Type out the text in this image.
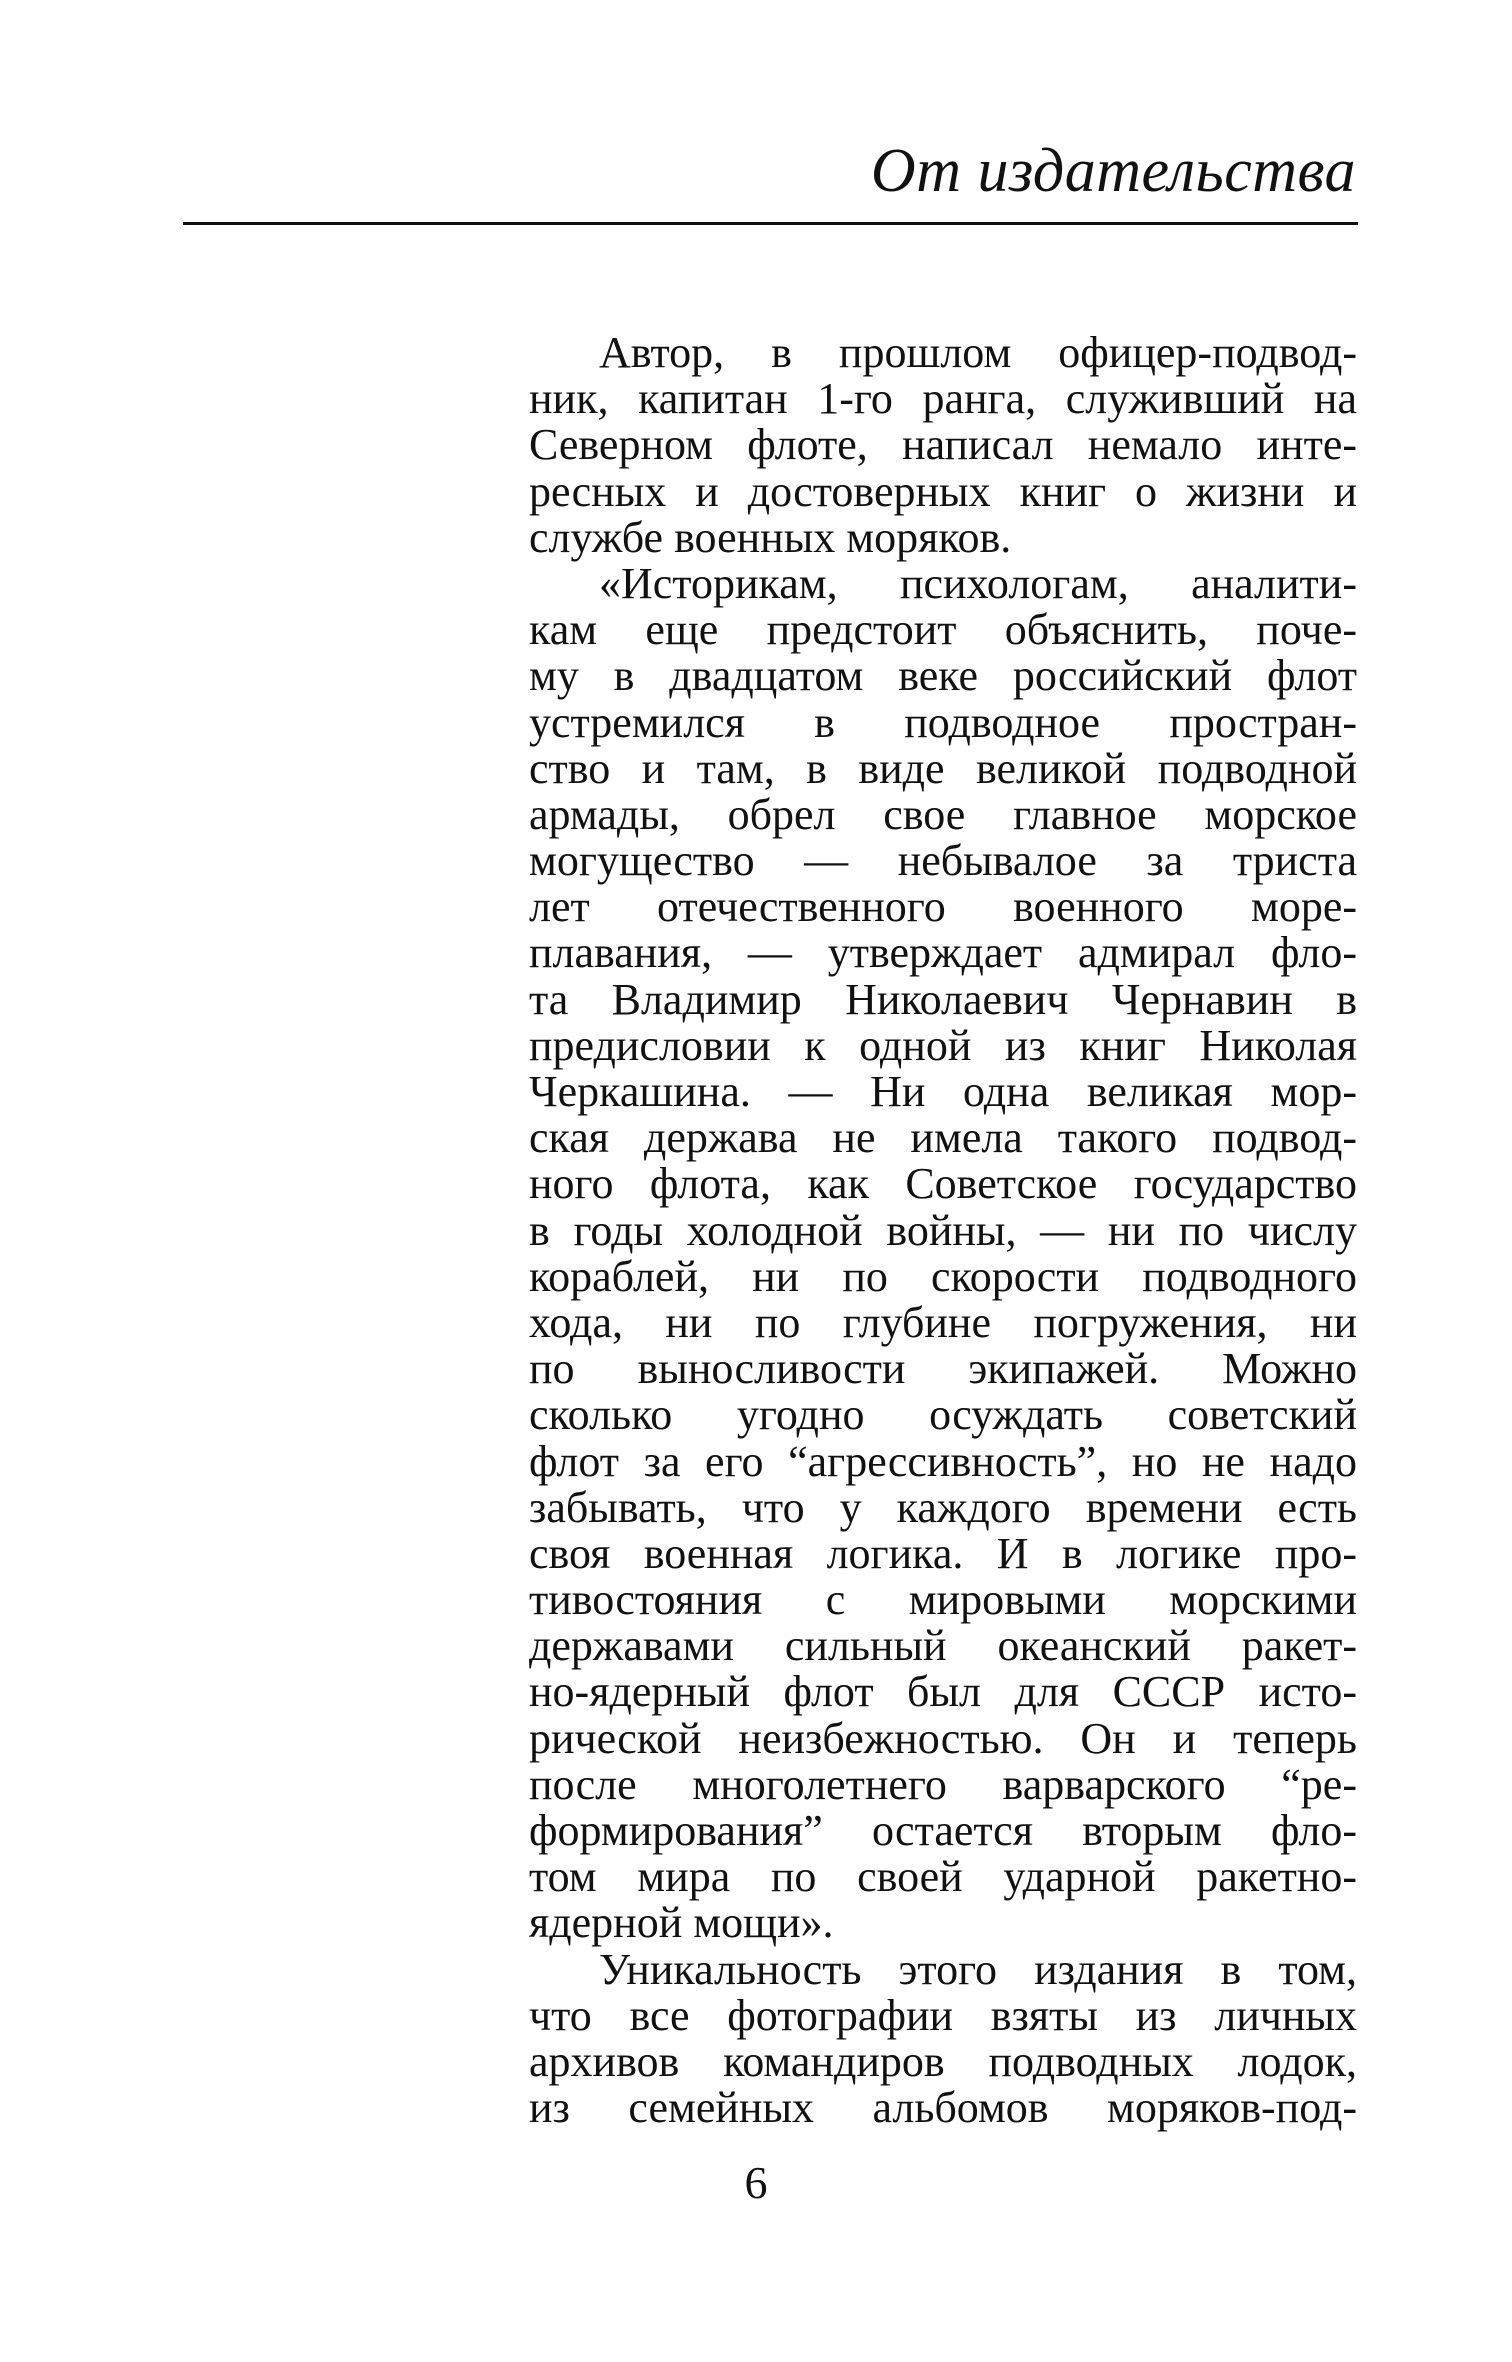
От издательства
Автор, в прошлом офицер-подвод-
ник, капитан 1-го ранга, служивший на
Северном флоте, написал немало инте-
ресных и достоверных книг о жизни и
службе военных моряков.
«Историкам, психологам, аналити-
кам еще предстоит объяснить, поче-
му в двадцатом веке российский флот
устремился в подводное простран-
ство и там, в виде великой подводной
армады, обрел свое главное морское
могущество — небывалое за триста
лет отечественного военного море-
плавания, — утверждает адмирал фло-
та Владимир Николаевич Чернавин в
предисловии к одной из книг Николая
Черкашина. — Ни одна великая мор-
ская держава не имела такого подвод-
ного флота, как Советское государство
в годы холодной войны, — ни по числу
кораблей, ни по скорости подводного
хода, ни по глубине погружения, ни
по выносливости экипажей. Можно
сколько угодно осуждать советский
флот за его “агрессивность”, но не надо
забывать, что у каждого времени есть
своя военная логика. И в логике про-
тивостояния с мировыми морскими
державами сильный океанский ракет-
но-ядерный флот был для СССР исто-
рической неизбежностью. Он и теперь
после многолетнего варварского “ре-
формирования” остается вторым фло-
том мира по своей ударной ракетно-
ядерной мощи».
Уникальность этого издания в том,
что все фотографии взяты из личных
архивов командиров подводных лодок,
из семейных альбомов моряков-под-
6
